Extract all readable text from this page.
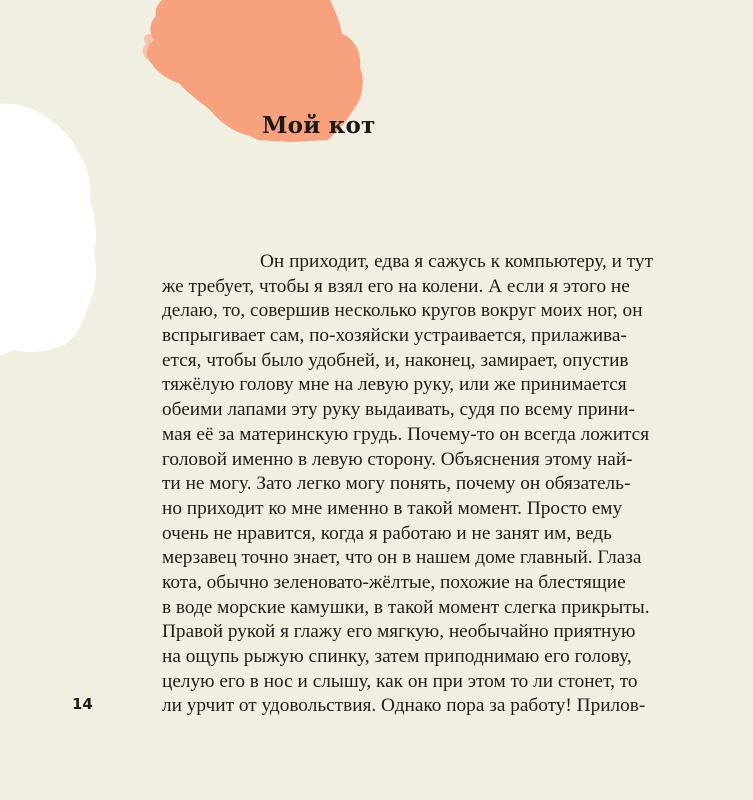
Мой кот
Он приходит, едва я сажусь к компьютеру, и тут
же требует, чтобы я взял его на колени. А если я этого не
делаю, то, совершив несколько кругов вокруг моих ног, он
вспрыгивает сам, по-хозяйски устраивается, прилажива-
ется, чтобы было удобней, и, наконец, замирает, опустив
тяжёлую голову мне на левую руку, или же принимается
обеими лапами эту руку выдаивать, судя по всему прини-
мая её за материнскую грудь. Почему-то он всегда ложится
головой именно в левую сторону. Объяснения этому най-
ти не могу. Зато легко могу понять, почему он обязатель-
но приходит ко мне именно в такой момент. Просто ему
очень не нравится, когда я работаю и не занят им, ведь
мерзавец точно знает, что он в нашем доме главный. Глаза
кота, обычно зеленовато-жёлтые, похожие на блестящие
в воде морские камушки, в такой момент слегка прикрыты.
Правой рукой я глажу его мягкую, необычайно приятную
на ощупь рыжую спинку, затем приподнимаю его голову,
целую его в нос и слышу, как он при этом то ли стонет, то
ли урчит от удовольствия. Однако пора за работу! Прилов-
14
